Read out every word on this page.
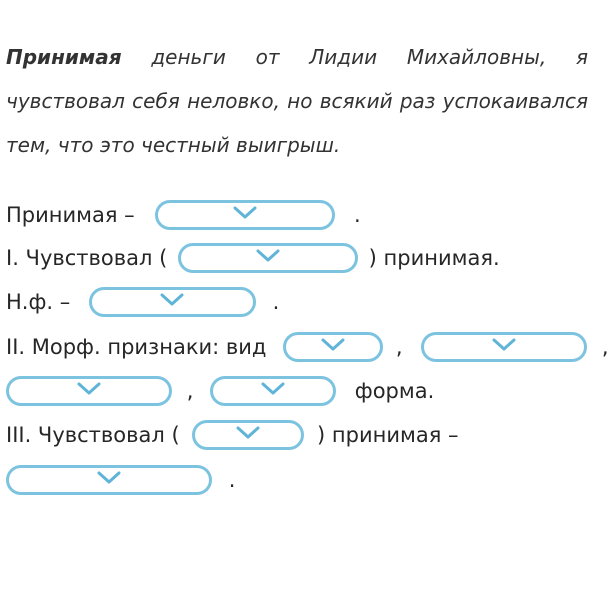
Принимая деньги от Лидии Михайловны, я чувствовал себя неловко, но всякий раз успокаивался тем, что это честный выигрыш.
Принимая –	.
I. Чувствовал (	) принимая.
Н.ф. –	.
II. Морф. признаки: вид	,	,
,	форма.
III. Чувствовал (	) принимая –
.
